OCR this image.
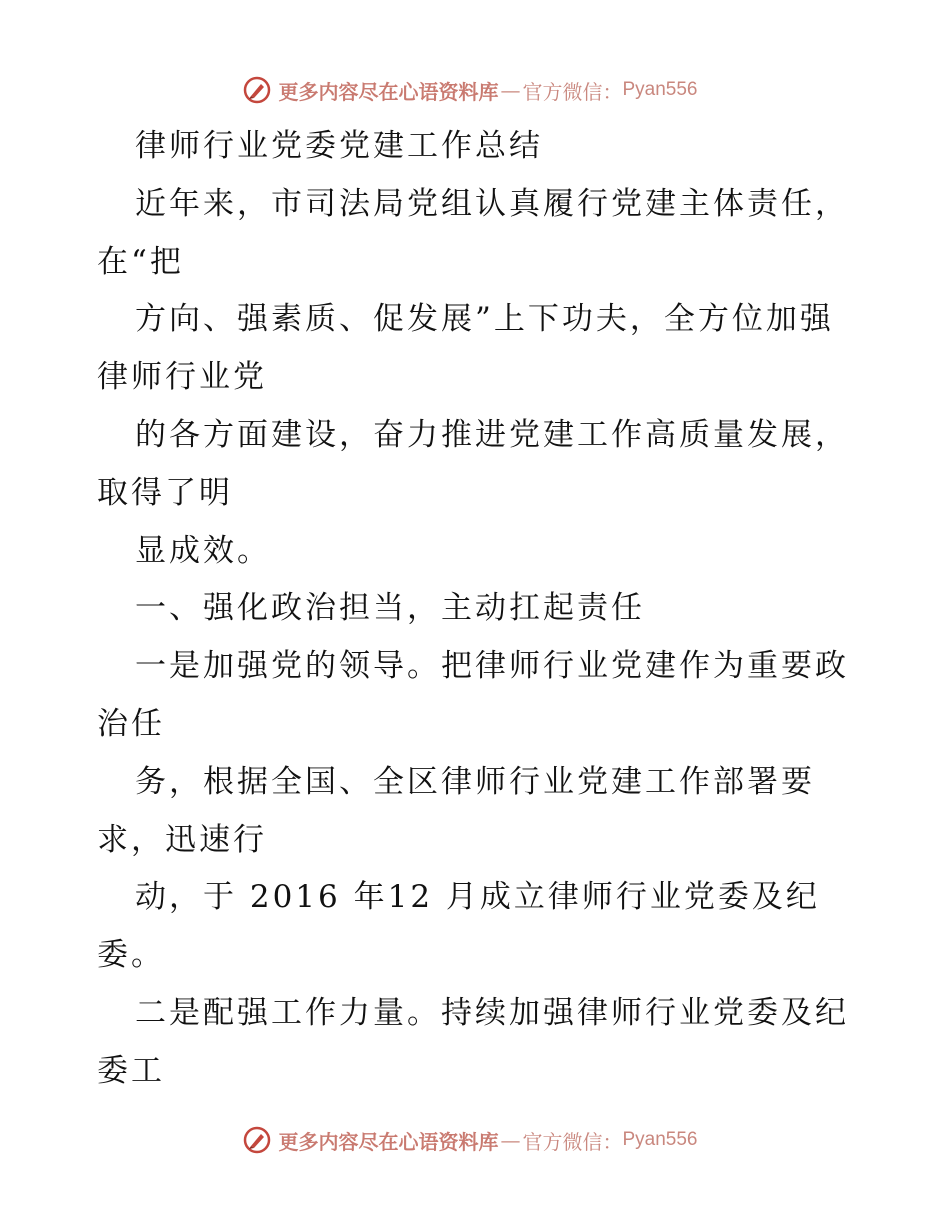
更多内容尽在心语资料库 — 官方微信： Pyan556
律师行业党委党建工作总结
近年来，市司法局党组认真履行党建主体责任，
在“把
方向、强素质、促发展”上下功夫，全方位加强
律师行业党
的各方面建设，奋力推进党建工作高质量发展，
取得了明
显成效。
一、强化政治担当，主动扛起责任
一是加强党的领导。把律师行业党建作为重要政
治任
务，根据全国、全区律师行业党建工作部署要
求，迅速行
动，于 2016 年12 月成立律师行业党委及纪
委。
二是配强工作力量。持续加强律师行业党委及纪
委工
更多内容尽在心语资料库 — 官方微信： Pyan556
